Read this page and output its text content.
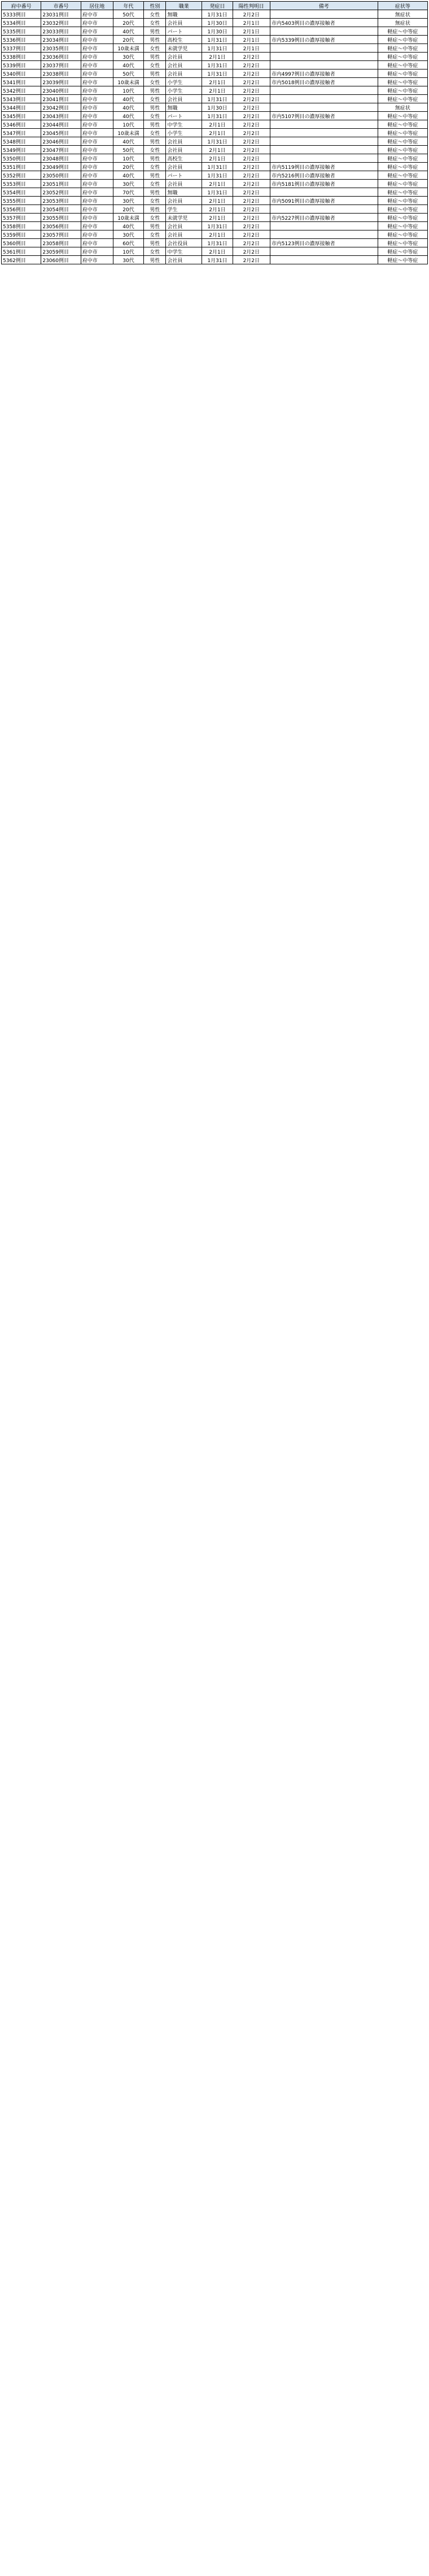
府中番号	市番号	居住地	年代	性別	職業	発症日	陽性判明日	備考	症状等
5333例目	23031例目	府中市	50代	女性	無職	1月31日	2月2日		無症状
5334例目	23032例目	府中市	20代	女性	会社員	1月30日	2月1日	市内5403例目の濃厚接触者	無症状
5335例目	23033例目	府中市	40代	男性	パート	1月30日	2月1日		軽症〜中等症
5336例目	23034例目	府中市	20代	男性	高校生	1月31日	2月1日	市内5339例目の濃厚接触者	軽症〜中等症
5337例目	23035例目	府中市	10歳未満	女性	未就学児	1月31日	2月1日		軽症〜中等症
5338例目	23036例目	府中市	30代	男性	会社員	2月1日	2月2日		軽症〜中等症
5339例目	23037例目	府中市	40代	女性	会社員	1月31日	2月2日		軽症〜中等症
5340例目	23038例目	府中市	50代	男性	会社員	1月31日	2月2日	市内4997例目の濃厚接触者	軽症〜中等症
5341例目	23039例目	府中市	10歳未満	女性	小学生	2月1日	2月2日	市内5018例目の濃厚接触者	軽症〜中等症
5342例目	23040例目	府中市	10代	男性	小学生	2月1日	2月2日		軽症〜中等症
5343例目	23041例目	府中市	40代	女性	会社員	1月31日	2月2日		軽症〜中等症
5344例目	23042例目	府中市	40代	男性	無職	1月30日	2月2日		無症状
5345例目	23043例目	府中市	40代	女性	パート	1月31日	2月2日	市内5107例目の濃厚接触者	軽症〜中等症
5346例目	23044例目	府中市	10代	男性	中学生	2月1日	2月2日		軽症〜中等症
5347例目	23045例目	府中市	10歳未満	女性	小学生	2月1日	2月2日		軽症〜中等症
5348例目	23046例目	府中市	40代	男性	会社員	1月31日	2月2日		軽症〜中等症
5349例目	23047例目	府中市	50代	女性	会社員	2月1日	2月2日		軽症〜中等症
5350例目	23048例目	府中市	10代	男性	高校生	2月1日	2月2日		軽症〜中等症
5351例目	23049例目	府中市	20代	女性	会社員	1月31日	2月2日	市内5119例目の濃厚接触者	軽症〜中等症
5352例目	23050例目	府中市	40代	男性	パート	1月31日	2月2日	市内5216例目の濃厚接触者	軽症〜中等症
5353例目	23051例目	府中市	30代	女性	会社員	2月1日	2月2日	市内5181例目の濃厚接触者	軽症〜中等症
5354例目	23052例目	府中市	70代	男性	無職	1月31日	2月2日		軽症〜中等症
5355例目	23053例目	府中市	30代	女性	会社員	2月1日	2月2日	市内5091例目の濃厚接触者	軽症〜中等症
5356例目	23054例目	府中市	20代	男性	学生	2月1日	2月2日		軽症〜中等症
5357例目	23055例目	府中市	10歳未満	女性	未就学児	2月1日	2月2日	市内5227例目の濃厚接触者	軽症〜中等症
5358例目	23056例目	府中市	40代	男性	会社員	1月31日	2月2日		軽症〜中等症
5359例目	23057例目	府中市	30代	女性	会社員	2月1日	2月2日		軽症〜中等症
5360例目	23058例目	府中市	60代	男性	会社役員	1月31日	2月2日	市内5123例目の濃厚接触者	軽症〜中等症
5361例目	23059例目	府中市	10代	女性	中学生	2月1日	2月2日		軽症〜中等症
5362例目	23060例目	府中市	30代	男性	会社員	1月31日	2月2日		軽症〜中等症
